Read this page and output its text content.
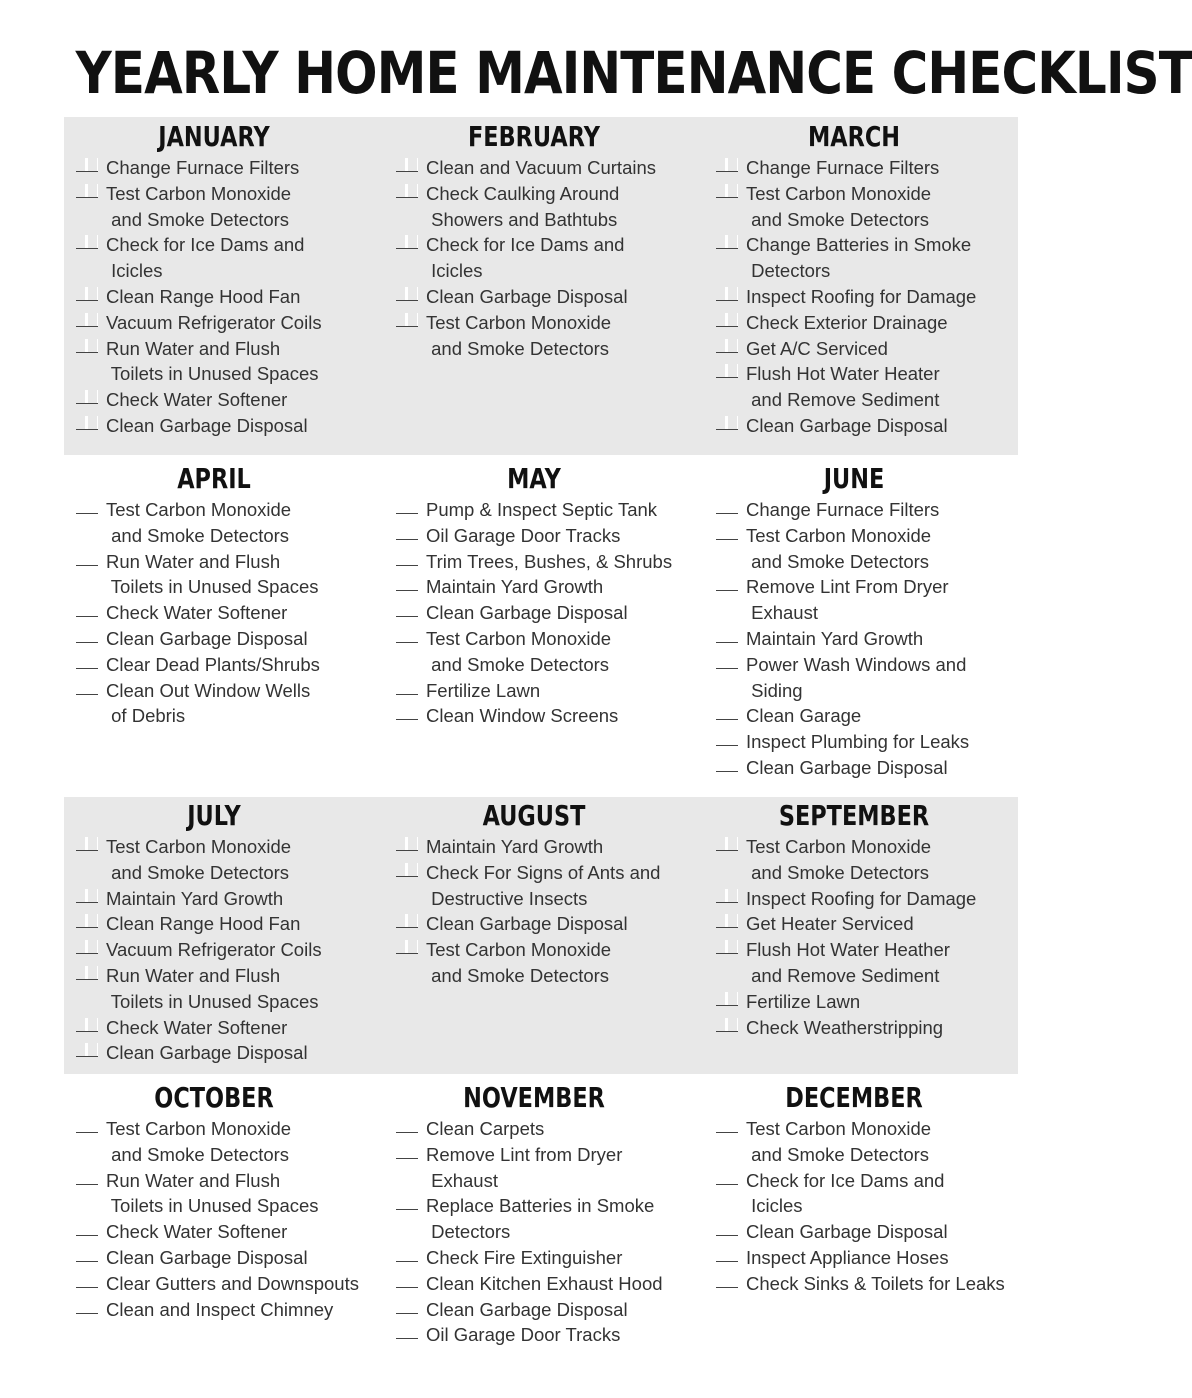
YEARLY HOME MAINTENANCE CHECKLIST
JANUARY
Change Furnace Filters
Test Carbon Monoxide
and Smoke Detectors
Check for Ice Dams and
Icicles
Clean Range Hood Fan
Vacuum Refrigerator Coils
Run Water and Flush
Toilets in Unused Spaces
Check Water Softener
Clean Garbage Disposal
FEBRUARY
Clean and Vacuum Curtains
Check Caulking Around
Showers and Bathtubs
Check for Ice Dams and
Icicles
Clean Garbage Disposal
Test Carbon Monoxide
and Smoke Detectors
MARCH
Change Furnace Filters
Test Carbon Monoxide
and Smoke Detectors
Change Batteries in Smoke
Detectors
Inspect Roofing for Damage
Check Exterior Drainage
Get A/C Serviced
Flush Hot Water Heater
and Remove Sediment
Clean Garbage Disposal
APRIL
Test Carbon Monoxide
and Smoke Detectors
Run Water and Flush
Toilets in Unused Spaces
Check Water Softener
Clean Garbage Disposal
Clear Dead Plants/Shrubs
Clean Out Window Wells
of Debris
MAY
Pump & Inspect Septic Tank
Oil Garage Door Tracks
Trim Trees, Bushes, & Shrubs
Maintain Yard Growth
Clean Garbage Disposal
Test Carbon Monoxide
and Smoke Detectors
Fertilize Lawn
Clean Window Screens
JUNE
Change Furnace Filters
Test Carbon Monoxide
and Smoke Detectors
Remove Lint From Dryer
Exhaust
Maintain Yard Growth
Power Wash Windows and
Siding
Clean Garage
Inspect Plumbing for Leaks
Clean Garbage Disposal
JULY
Test Carbon Monoxide
and Smoke Detectors
Maintain Yard Growth
Clean Range Hood Fan
Vacuum Refrigerator Coils
Run Water and Flush
Toilets in Unused Spaces
Check Water Softener
Clean Garbage Disposal
AUGUST
Maintain Yard Growth
Check For Signs of Ants and
Destructive Insects
Clean Garbage Disposal
Test Carbon Monoxide
and Smoke Detectors
SEPTEMBER
Test Carbon Monoxide
and Smoke Detectors
Inspect Roofing for Damage
Get Heater Serviced
Flush Hot Water Heather
and Remove Sediment
Fertilize Lawn
Check Weatherstripping
OCTOBER
Test Carbon Monoxide
and Smoke Detectors
Run Water and Flush
Toilets in Unused Spaces
Check Water Softener
Clean Garbage Disposal
Clear Gutters and Downspouts
Clean and Inspect Chimney
NOVEMBER
Clean Carpets
Remove Lint from Dryer
Exhaust
Replace Batteries in Smoke
Detectors
Check Fire Extinguisher
Clean Kitchen Exhaust Hood
Clean Garbage Disposal
Oil Garage Door Tracks
DECEMBER
Test Carbon Monoxide
and Smoke Detectors
Check for Ice Dams and
Icicles
Clean Garbage Disposal
Inspect Appliance Hoses
Check Sinks & Toilets for Leaks
